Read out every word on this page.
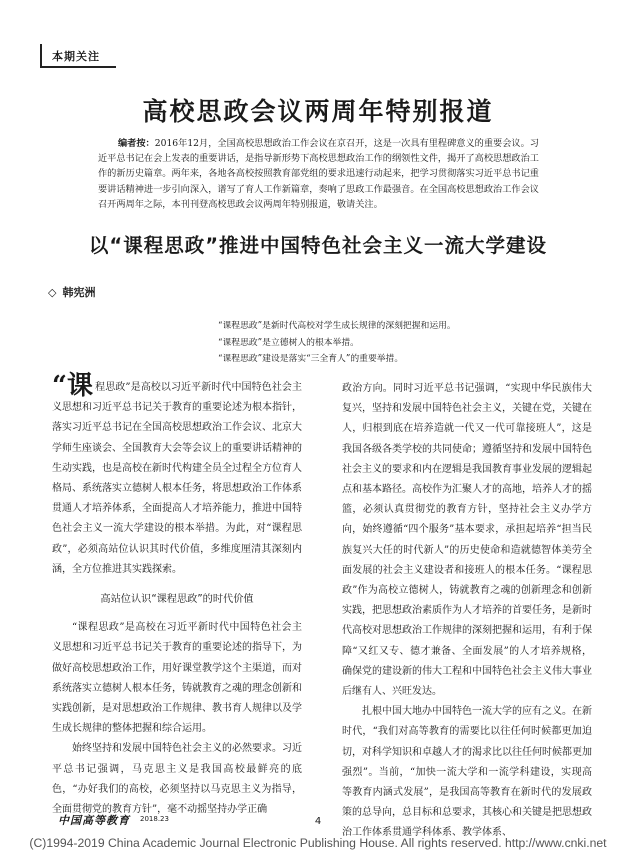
本期关注
高校思政会议两周年特别报道
编者按：2016年12月，全国高校思想政治工作会议在京召开，这是一次具有里程碑意义的重要会议。习近平总书记在会上发表的重要讲话，是指导新形势下高校思想政治工作的纲领性文件，揭开了高校思想政治工作的新历史篇章。两年来，各地各高校按照教育部党组的要求迅速行动起来，把学习贯彻落实习近平总书记重要讲话精神进一步引向深入，谱写了育人工作新篇章，奏响了思政工作最强音。在全国高校思想政治工作会议召开两周年之际，本刊刊登高校思政会议两周年特别报道，敬请关注。
以“课程思政”推进中国特色社会主义一流大学建设
◇ 韩宪洲
“课程思政”是新时代高校对学生成长规律的深刻把握和运用。
“课程思政”是立德树人的根本举措。
“课程思政”建设是落实“三全育人”的重要举措。

“课 程思政”是高校以习近平新时代中国特色社会主义思想和习近平总书记关于教育的重要论述为根本指针，落实习近平总书记在全国高校思想政治工作会议、北京大学师生座谈会、全国教育大会等会议上的重要讲话精神的生动实践，也是高校在新时代构建全员全过程全方位育人格局、系统落实立德树人根本任务，将思想政治工作体系贯通人才培养体系，全面提高人才培养能力，推进中国特色社会主义一流大学建设的根本举措。为此，对“课程思政”，必须高站位认识其时代价值，多维度厘清其深刻内涵，全方位推进其实践探索。

高站位认识“课程思政”的时代价值

“课程思政”是高校在习近平新时代中国特色社会主义思想和习近平总书记关于教育的重要论述的指导下，为做好高校思想政治工作，用好课堂教学这个主渠道，而对系统落实立德树人根本任务，铸就教育之魂的理念创新和实践创新，是对思想政治工作规律、教书育人规律以及学生成长规律的整体把握和综合运用。

始终坚持和发展中国特色社会主义的必然要求。习近平总书记强调，马克思主义是我国高校最鲜亮的底色，“办好我们的高校，必须坚持以马克思主义为指导，全面贯彻党的教育方针”，毫不动摇坚持办学正确

政治方向。同时习近平总书记强调，“实现中华民族伟大复兴，坚持和发展中国特色社会主义，关键在党，关键在人，归根到底在培养造就一代又一代可靠接班人”，这是我国各级各类学校的共同使命；遵循坚持和发展中国特色社会主义的要求和内在逻辑是我国教育事业发展的逻辑起点和基本路径。高校作为汇聚人才的高地，培养人才的摇篮，必须认真贯彻党的教育方针，坚持社会主义办学方向，始终遵循“四个服务”基本要求，承担起培养“担当民族复兴大任的时代新人”的历史使命和造就德智体美劳全面发展的社会主义建设者和接班人的根本任务。“课程思政”作为高校立德树人，铸就教育之魂的创新理念和创新实践，把思想政治素质作为人才培养的首要任务，是新时代高校对思想政治工作规律的深刻把握和运用，有利于保障“又红又专、德才兼备、全面发展”的人才培养规格，确保党的建设新的伟大工程和中国特色社会主义伟大事业后继有人、兴旺发达。

扎根中国大地办中国特色一流大学的应有之义。在新时代，“我们对高等教育的需要比以往任何时候都更加迫切，对科学知识和卓越人才的渴求比以往任何时候都更加强烈”。当前，“加快一流大学和一流学科建设，实现高等教育内涵式发展”，是我国高等教育在新时代的发展政策的总导向，总目标和总要求，其核心和关键是把思想政治工作体系贯通学科体系、教学体系、

中国高等教育 2018.23	4
(C)1994-2019 China Academic Journal Electronic Publishing House. All rights reserved. http://www.cnki.net
